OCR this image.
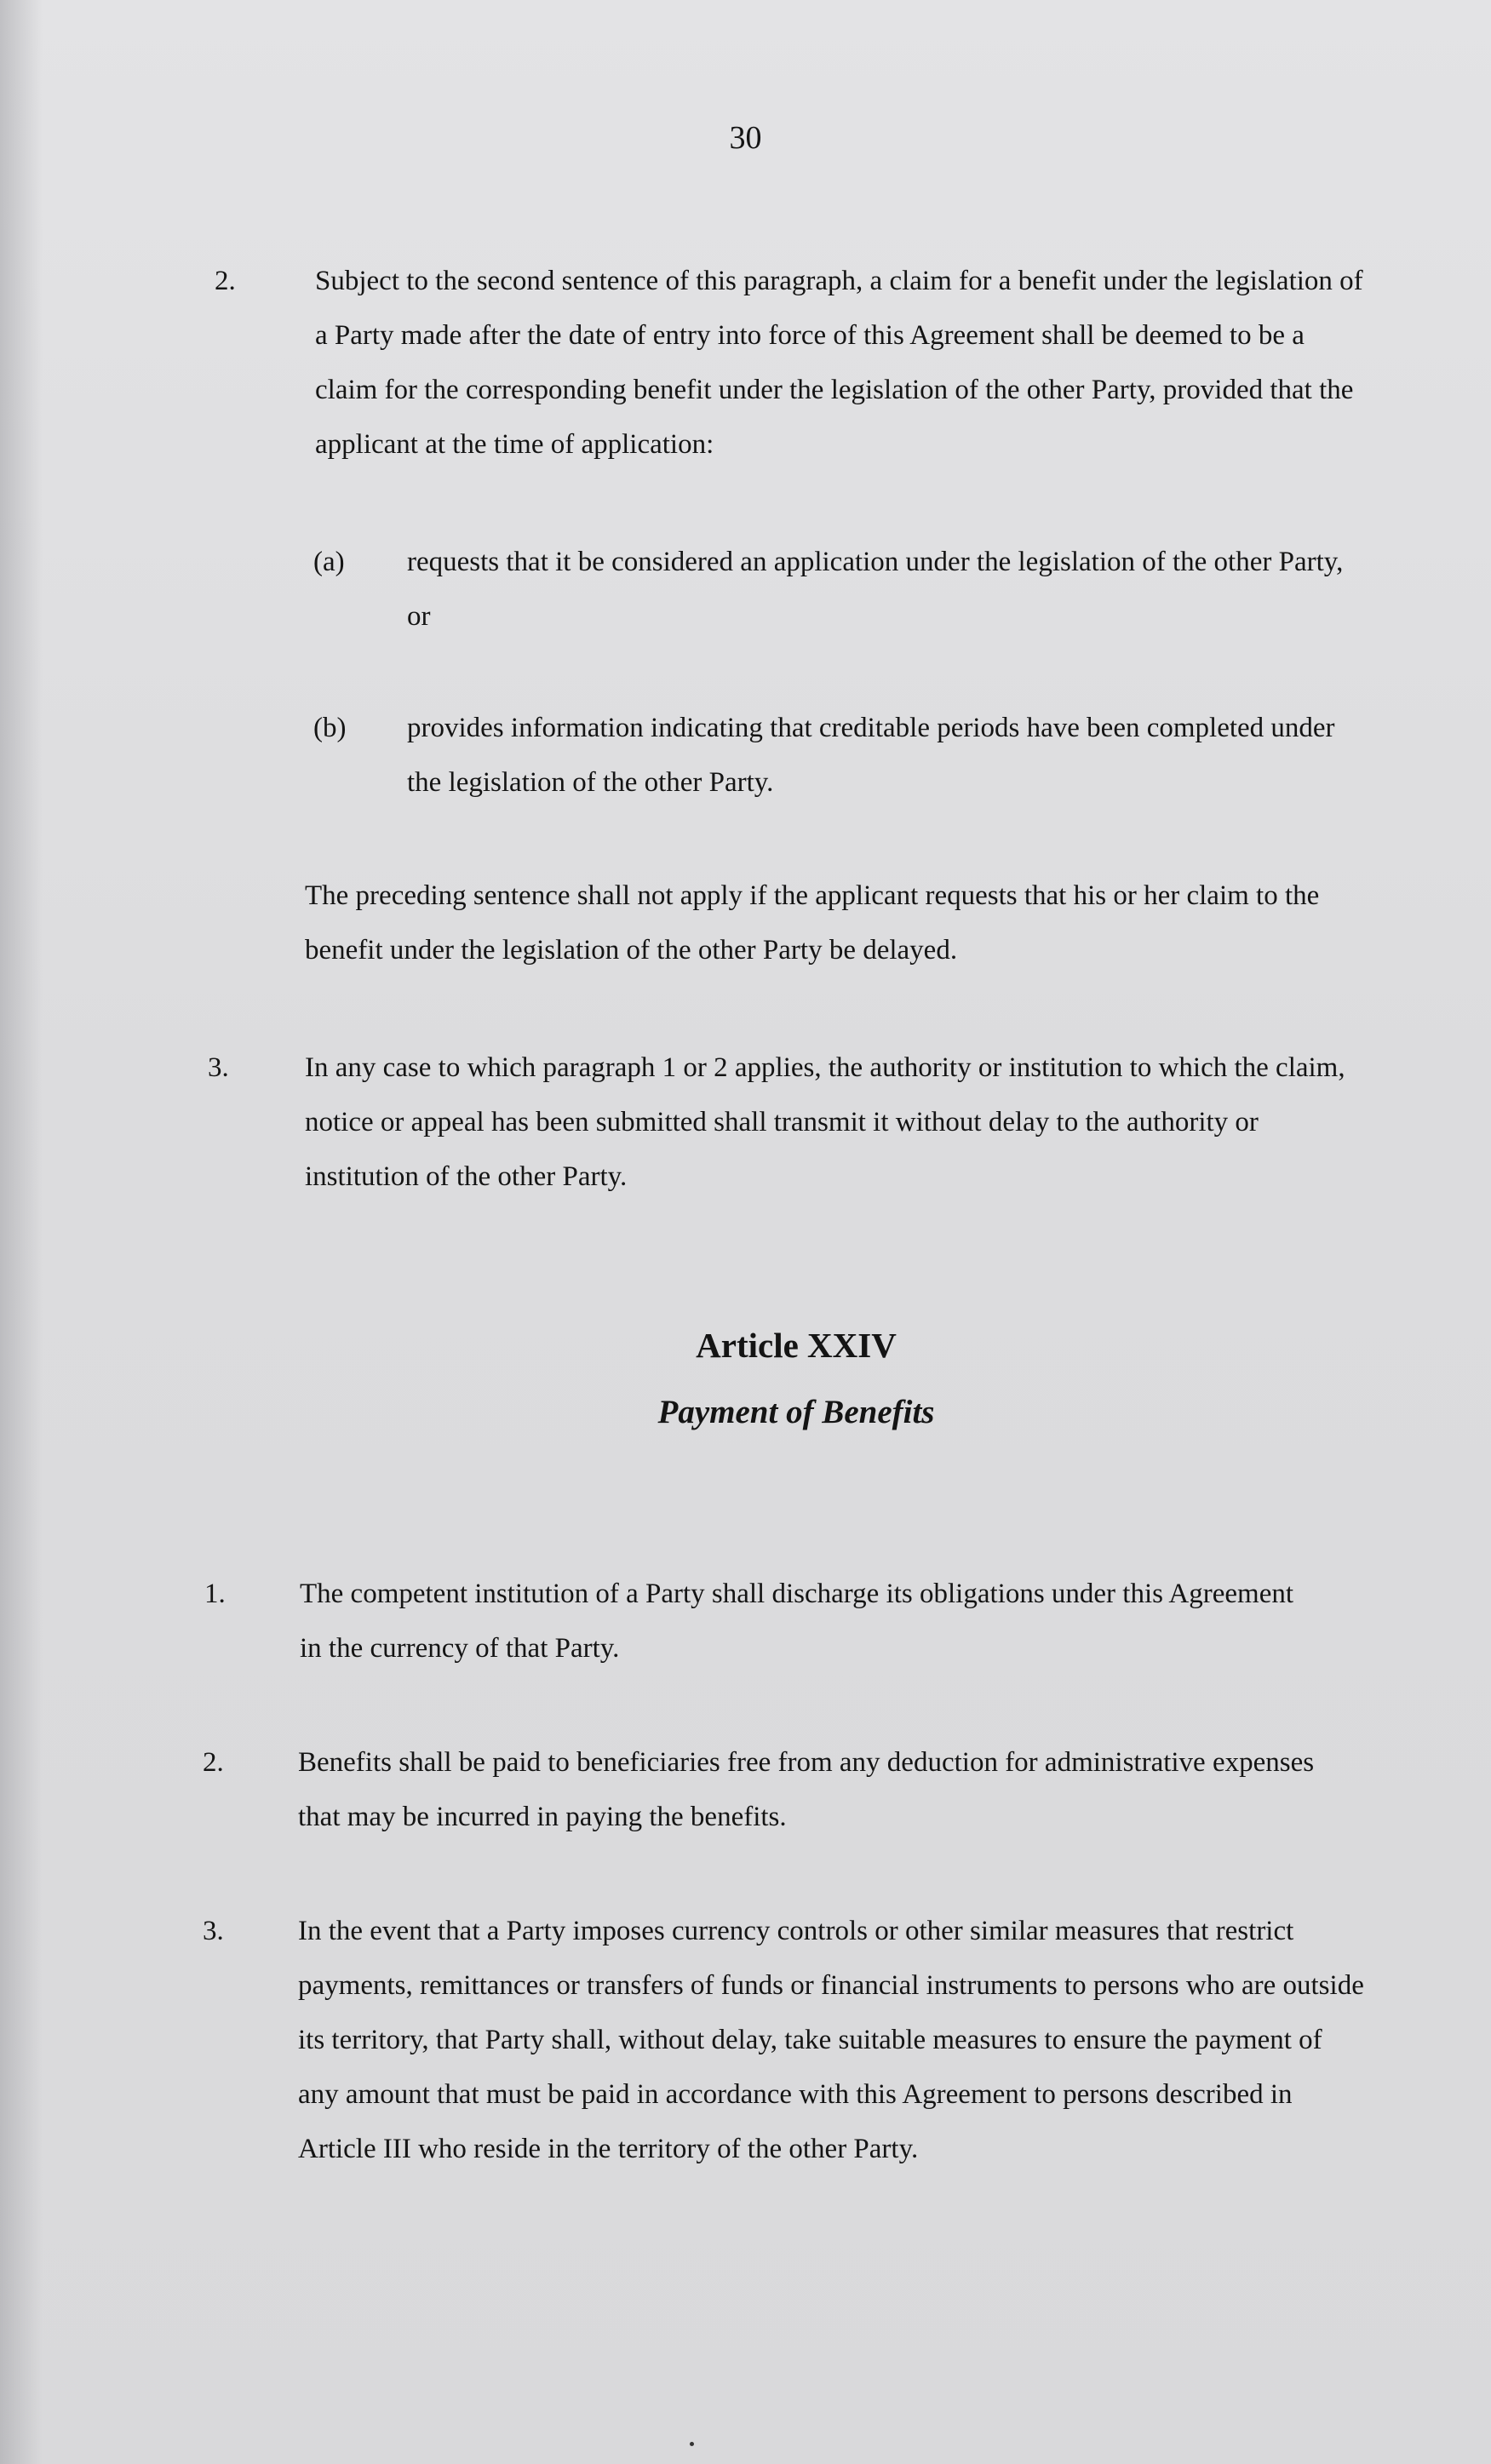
30
2.	Subject to the second sentence of this paragraph, a claim for a benefit under the legislation of a Party made after the date of entry into force of this Agreement shall be deemed to be a claim for the corresponding benefit under the legislation of the other Party, provided that the applicant at the time of application:
(a) requests that it be considered an application under the legislation of the other Party, or
(b) provides information indicating that creditable periods have been completed under the legislation of the other Party.
The preceding sentence shall not apply if the applicant requests that his or her claim to the benefit under the legislation of the other Party be delayed.
3.	In any case to which paragraph 1 or 2 applies, the authority or institution to which the claim, notice or appeal has been submitted shall transmit it without delay to the authority or institution of the other Party.
Article XXIV
Payment of Benefits
1.	The competent institution of a Party shall discharge its obligations under this Agreement in the currency of that Party.
2.	Benefits shall be paid to beneficiaries free from any deduction for administrative expenses that may be incurred in paying the benefits.
3.	In the event that a Party imposes currency controls or other similar measures that restrict payments, remittances or transfers of funds or financial instruments to persons who are outside its territory, that Party shall, without delay, take suitable measures to ensure the payment of any amount that must be paid in accordance with this Agreement to persons described in Article III who reside in the territory of the other Party.
